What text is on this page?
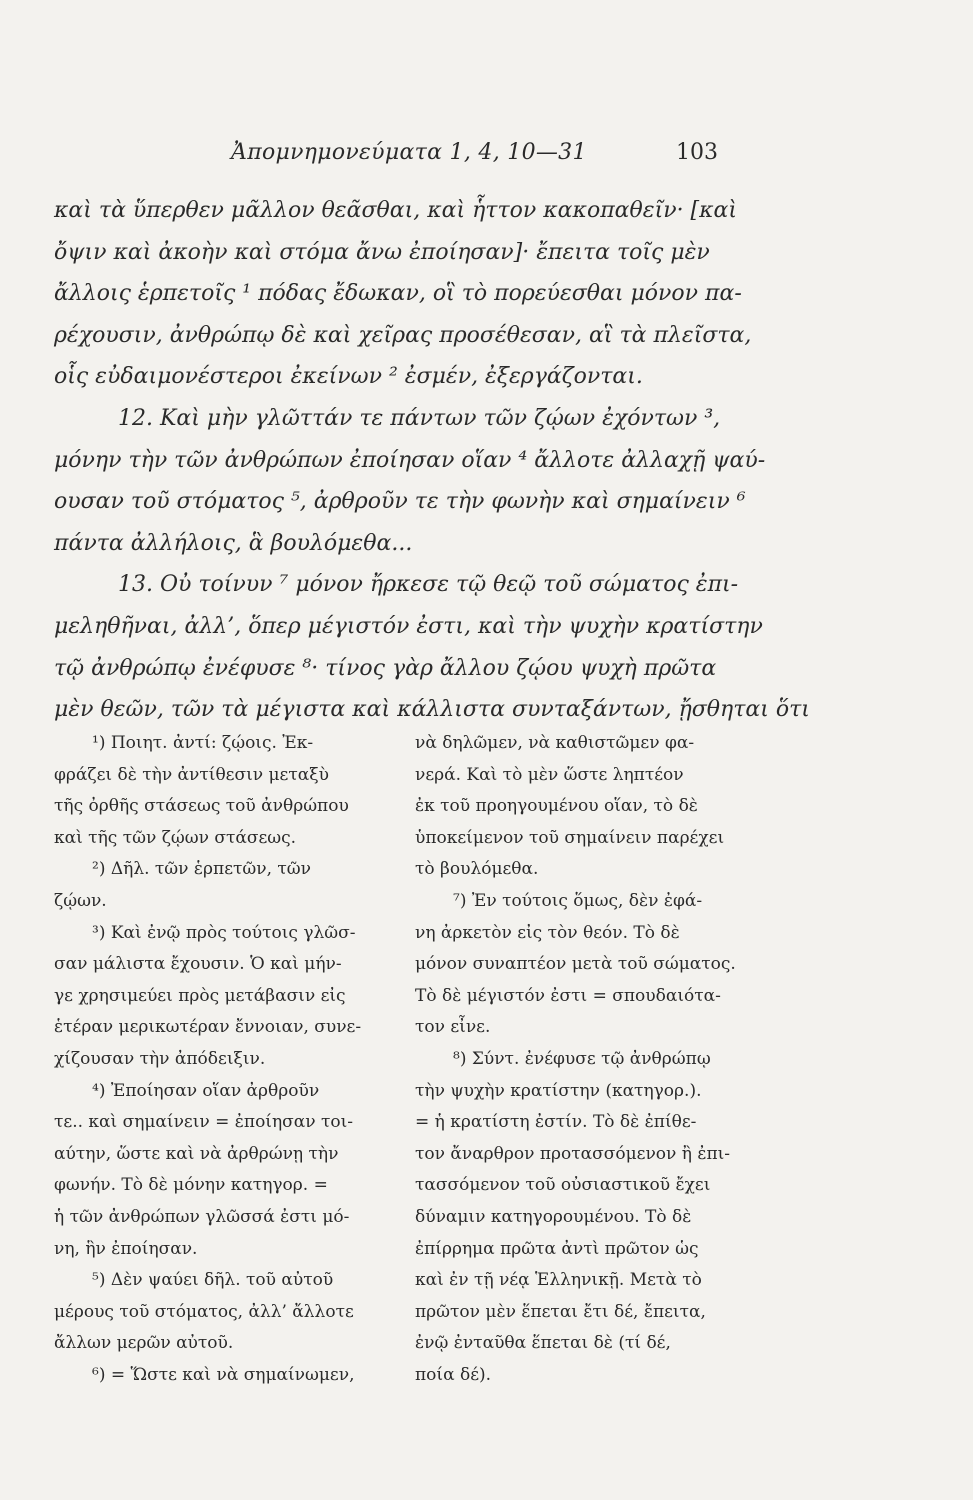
Ἀπομνημονεύματα 1, 4, 10—31	103
καὶ τὰ ὕπερθεν μᾶλλον θεᾶσθαι, καὶ ἧττον κακοπαθεῖν· [καὶ
ὄψιν καὶ ἀκοὴν καὶ στόμα ἄνω ἐποίησαν]· ἔπειτα τοῖς μὲν
ἄλλοις ἑρπετοῖς ¹ πόδας ἔδωκαν, οἳ τὸ πορεύεσθαι μόνον πα-
ρέχουσιν, ἀνθρώπῳ δὲ καὶ χεῖρας προσέθεσαν, αἳ τὰ πλεῖστα,
οἷς εὐδαιμονέστεροι ἐκείνων ² ἐσμέν, ἐξεργάζονται.
12. Καὶ μὴν γλῶττάν τε πάντων τῶν ζῴων ἐχόντων ³,
μόνην τὴν τῶν ἀνθρώπων ἐποίησαν οἵαν ⁴ ἄλλοτε ἀλλαχῇ ψαύ-
ουσαν τοῦ στόματος ⁵, ἀρθροῦν τε τὴν φωνὴν καὶ σημαίνειν ⁶
πάντα ἀλλήλοις, ἃ βουλόμεθα...
13. Οὐ τοίνυν ⁷ μόνον ἤρκεσε τῷ θεῷ τοῦ σώματος ἐπι-
μεληθῆναι, ἀλλ’, ὅπερ μέγιστόν ἐστι, καὶ τὴν ψυχὴν κρατίστην
τῷ ἀνθρώπῳ ἐνέφυσε ⁸· τίνος γὰρ ἄλλου ζῴου ψυχὴ πρῶτα
μὲν θεῶν, τῶν τὰ μέγιστα καὶ κάλλιστα συνταξάντων, ᾔσθηται ὅτι
¹) Ποιητ. ἀντί: ζῴοις. Ἐκ-
φράζει δὲ τὴν ἀντίθεσιν μεταξὺ
τῆς ὀρθῆς στάσεως τοῦ ἀνθρώπου
καὶ τῆς τῶν ζῴων στάσεως.
²) Δῆλ. τῶν ἑρπετῶν, τῶν
ζῴων.
³) Καὶ ἐνῷ πρὸς τούτοις γλῶσ-
σαν μάλιστα ἔχουσιν. Ὁ καὶ μήν-
γε χρησιμεύει πρὸς μετάβασιν εἰς
ἑτέραν μερικωτέραν ἔννοιαν, συνε-
χίζουσαν τὴν ἀπόδειξιν.
⁴) Ἐποίησαν οἵαν ἀρθροῦν
τε.. καὶ σημαίνειν = ἐποίησαν τοι-
αύτην, ὥστε καὶ νὰ ἀρθρώνῃ τὴν
φωνήν. Τὸ δὲ μόνην κατηγορ. =
ἡ τῶν ἀνθρώπων γλῶσσά ἐστι μό-
νη, ἣν ἐποίησαν.
⁵) Δὲν ψαύει δῆλ. τοῦ αὐτοῦ
μέρους τοῦ στόματος, ἀλλ’ ἄλλοτε
ἄλλων μερῶν αὐτοῦ.
⁶) = Ὥστε καὶ νὰ σημαίνωμεν,
νὰ δηλῶμεν, νὰ καθιστῶμεν φα-
νερά. Καὶ τὸ μὲν ὥστε ληπτέον
ἐκ τοῦ προηγουμένου οἵαν, τὸ δὲ
ὑποκείμενον τοῦ σημαίνειν παρέχει
τὸ βουλόμεθα.
⁷) Ἐν τούτοις ὅμως, δὲν ἐφά-
νη ἀρκετὸν εἰς τὸν θεόν. Τὸ δὲ
μόνον συναπτέον μετὰ τοῦ σώματος.
Τὸ δὲ μέγιστόν ἐστι = σπουδαιότα-
τον εἶνε.
⁸) Σύντ. ἐνέφυσε τῷ ἀνθρώπῳ
τὴν ψυχὴν κρατίστην (κατηγορ.).
= ἡ κρατίστη ἐστίν. Τὸ δὲ ἐπίθε-
τον ἄναρθρον προτασσόμενον ἢ ἐπι-
τασσόμενον τοῦ οὐσιαστικοῦ ἔχει
δύναμιν κατηγορουμένου. Τὸ δὲ
ἐπίρρημα πρῶτα ἀντὶ πρῶτον ὡς
καὶ ἐν τῇ νέᾳ Ἑλληνικῇ. Μετὰ τὸ
πρῶτον μὲν ἕπεται ἔτι δέ, ἔπειτα,
ἐνῷ ἐνταῦθα ἕπεται δὲ (τί δέ,
ποία δέ).
